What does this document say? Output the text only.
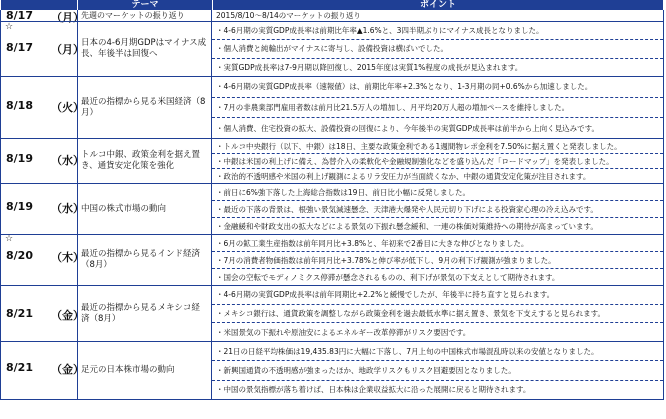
テーマ	ポイント
8/17 （月）
先週のマーケットの振り返り	2015/8/10～8/14のマーケットの振り返り
☆
8/17 （月）
日本の4-6月期GDPはマイナス成長、年後半は回復へ
・4-6月期の実質GDP成長率は前期比年率▲1.6%と、3四半期ぶりにマイナス成長となりました。
・個人消費と純輸出がマイナスに寄与し、設備投資は横ばいでした。
・実質GDP成長率は7-9月期以降回復し、2015年度は実質1%程度の成長が見込まれます。
8/18 （火）
最近の指標から見る米国経済（8月）
・4-6月期の実質GDP成長率（速報値）は、前期比年率+2.3%となり、1-3月期の同+0.6%から加速しました。
・7月の非農業部門雇用者数は前月比21.5万人の増加し、月平均20万人超の増加ペースを維持しました。
・個人消費、住宅投資の拡大、設備投資の回復により、今年後半の実質GDP成長率は前半から上向く見込みです。
8/19 （水）
トルコ中銀、政策金利を据え置き、通貨安定化策を強化
・トルコ中央銀行（以下、中銀）は18日、主要な政策金利である1週間物レポ金利を7.50%に据え置くと発表しました。
・中銀は米国の利上げに備え、為替介入の柔軟化や金融規制強化などを盛り込んだ「ロードマップ」を発表しました。
・政治的不透明感や米国の利上げ観測によるリラ安圧力が当面続くなか、中銀の通貨安定化策が注目されます。
8/19 （水）
中国の株式市場の動向
・前日に6%強下落した上海総合指数は19日、前日比小幅に反発しました。
・最近の下落の背景は、根強い景気減速懸念、天津港大爆発や人民元切り下げによる投資家心理の冷え込みです。
・金融緩和や財政支出の拡大などによる景気の下振れ懸念緩和、一連の株価対策維持への期待が高まっています。
☆
8/20 （木）
最近の指標から見るインド経済（8月）
・6月の鉱工業生産指数は前年同月比+3.8%と、年初来で2番目に大きな伸びとなりました。
・7月の消費者物価指数は前年同月比+3.78%と伸び率が低下し、9月の利下げ観測が強まりました。
・国会の空転でモディノミクス停滞が懸念されるものの、利下げが景気の下支えとして期待されます。
8/21 （金）
最近の指標から見るメキシコ経済（8月）
・4-6月期の実質GDP成長率は前年同期比+2.2%と緩慢でしたが、年後半に持ち直すと見られます。
・メキシコ銀行は、通貨政策を調整しながら政策金利を過去最低水準に据え置き、景気を下支えすると見られます。
・米国景気の下振れや原油安によるエネルギー改革停滞がリスク要因です。
8/21 （金）
足元の日本株市場の動向
・21日の日経平均株価は19,435.83円に大幅に下落し、7月上旬の中国株式市場混乱時以来の安値となりました。
・新興国通貨の不透明感が強まったほか、地政学リスクもリスク回避要因となりました。
・中国の景気指標が落ち着けば、日本株は企業収益拡大に沿った展開に戻ると期待されます。
